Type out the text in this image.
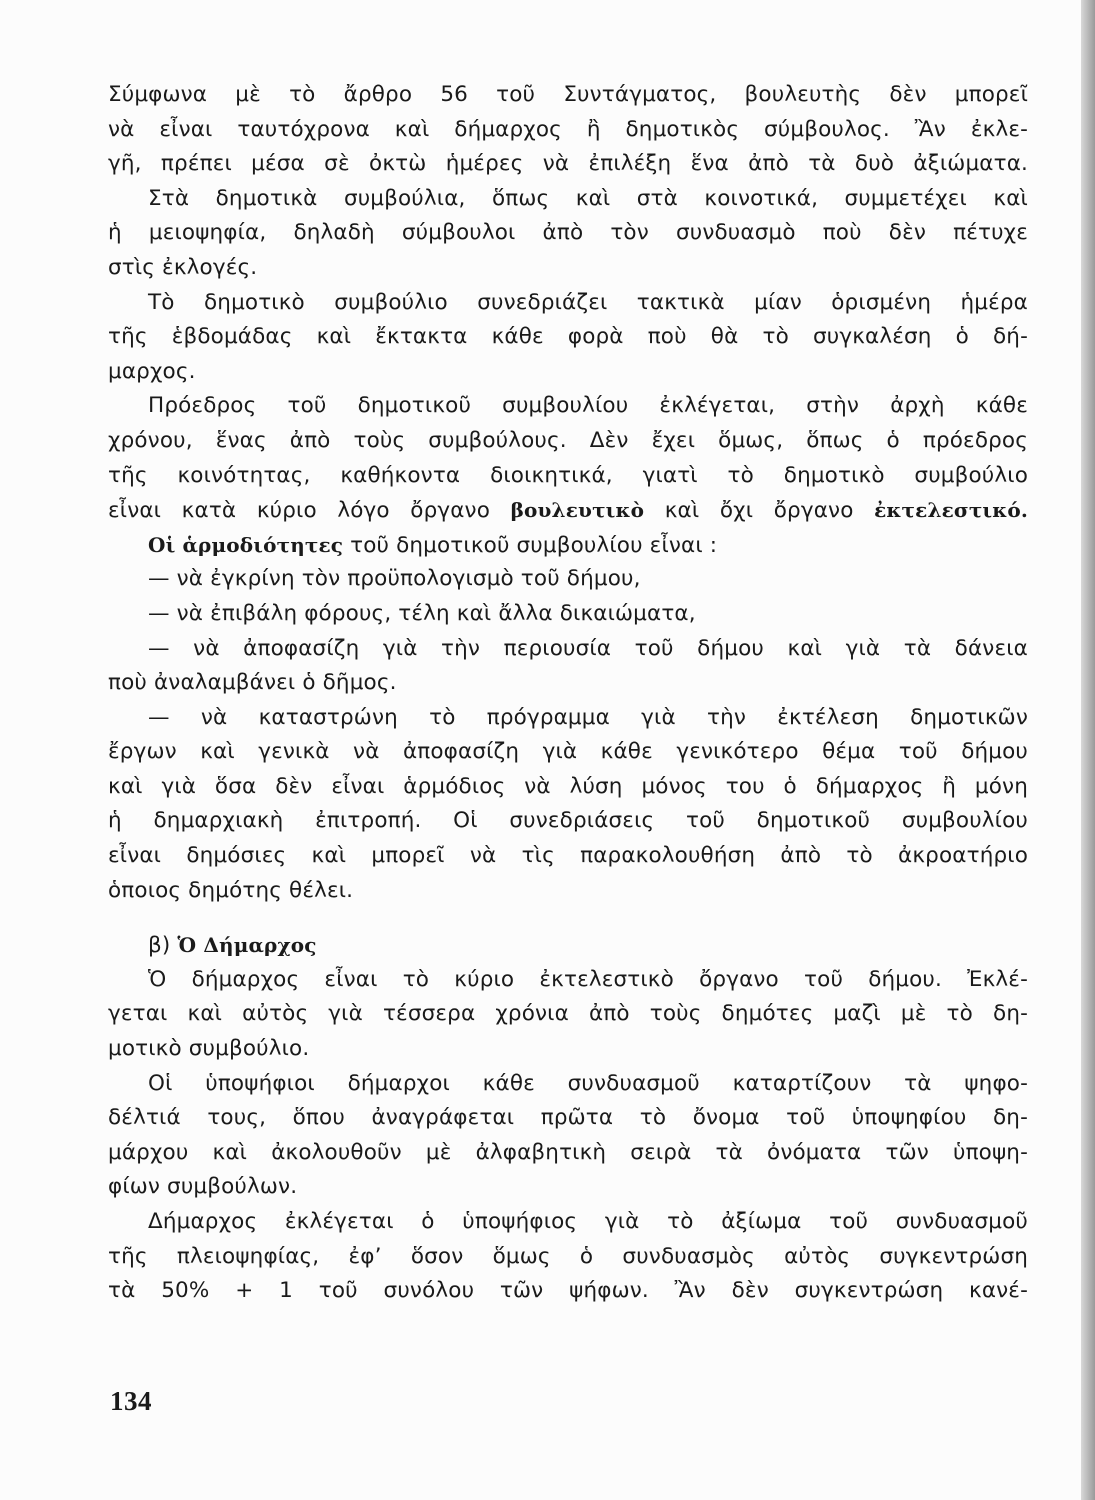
Σύμφωνα μὲ τὸ ἄρθρο 56 τοῦ Συντάγματος, βουλευτὴς δὲν μπορεῖ
νὰ εἶναι ταυτόχρονα καὶ δήμαρχος ἢ δημοτικὸς σύμβουλος. Ἂν ἐκλε-
γῆ, πρέπει μέσα σὲ ὀκτὼ ἡμέρες νὰ ἐπιλέξη ἕνα ἀπὸ τὰ δυὸ ἀξιώματα.
Στὰ δημοτικὰ συμβούλια, ὅπως καὶ στὰ κοινοτικά, συμμετέχει καὶ
ἡ μειοψηφία, δηλαδὴ σύμβουλοι ἀπὸ τὸν συνδυασμὸ ποὺ δὲν πέτυχε
στὶς ἐκλογές.
Τὸ δημοτικὸ συμβούλιο συνεδριάζει τακτικὰ μίαν ὁρισμένη ἡμέρα
τῆς ἑβδομάδας καὶ ἔκτακτα κάθε φορὰ ποὺ θὰ τὸ συγκαλέση ὁ δή-
μαρχος.
Πρόεδρος τοῦ δημοτικοῦ συμβουλίου ἐκλέγεται, στὴν ἀρχὴ κάθε
χρόνου, ἕνας ἀπὸ τοὺς συμβούλους. Δὲν ἔχει ὅμως, ὅπως ὁ πρόεδρος
τῆς κοινότητας, καθήκοντα διοικητικά, γιατὶ τὸ δημοτικὸ συμβούλιο
εἶναι κατὰ κύριο λόγο ὄργανο βουλευτικὸ καὶ ὄχι ὄργανο ἐκτελεστικό.
Οἱ ἁρμοδιότητες τοῦ δημοτικοῦ συμβουλίου εἶναι :
— νὰ ἐγκρίνη τὸν προϋπολογισμὸ τοῦ δήμου,
— νὰ ἐπιβάλη φόρους, τέλη καὶ ἄλλα δικαιώματα,
— νὰ ἀποφασίζη γιὰ τὴν περιουσία τοῦ δήμου καὶ γιὰ τὰ δάνεια
ποὺ ἀναλαμβάνει ὁ δῆμος.
— νὰ καταστρώνη τὸ πρόγραμμα γιὰ τὴν ἐκτέλεση δημοτικῶν
ἔργων καὶ γενικὰ νὰ ἀποφασίζη γιὰ κάθε γενικότερο θέμα τοῦ δήμου
καὶ γιὰ ὅσα δὲν εἶναι ἁρμόδιος νὰ λύση μόνος του ὁ δήμαρχος ἢ μόνη
ἡ δημαρχιακὴ ἐπιτροπή. Οἱ συνεδριάσεις τοῦ δημοτικοῦ συμβουλίου
εἶναι δημόσιες καὶ μπορεῖ νὰ τὶς παρακολουθήση ἀπὸ τὸ ἀκροατήριο
ὁποιος δημότης θέλει.
β) Ὁ Δήμαρχος
Ὁ δήμαρχος εἶναι τὸ κύριο ἐκτελεστικὸ ὄργανο τοῦ δήμου. Ἐκλέ-
γεται καὶ αὐτὸς γιὰ τέσσερα χρόνια ἀπὸ τοὺς δημότες μαζὶ μὲ τὸ δη-
μοτικὸ συμβούλιο.
Οἱ ὑποψήφιοι δήμαρχοι κάθε συνδυασμοῦ καταρτίζουν τὰ ψηφο-
δέλτιά τους, ὅπου ἀναγράφεται πρῶτα τὸ ὄνομα τοῦ ὑποψηφίου δη-
μάρχου καὶ ἀκολουθοῦν μὲ ἀλφαβητικὴ σειρὰ τὰ ὀνόματα τῶν ὑποψη-
φίων συμβούλων.
Δήμαρχος ἐκλέγεται ὁ ὑποψήφιος γιὰ τὸ ἀξίωμα τοῦ συνδυασμοῦ
τῆς πλειοψηφίας, ἐφ’ ὅσον ὅμως ὁ συνδυασμὸς αὐτὸς συγκεντρώση
τὰ 50% + 1 τοῦ συνόλου τῶν ψήφων. Ἂν δὲν συγκεντρώση κανέ-
134
